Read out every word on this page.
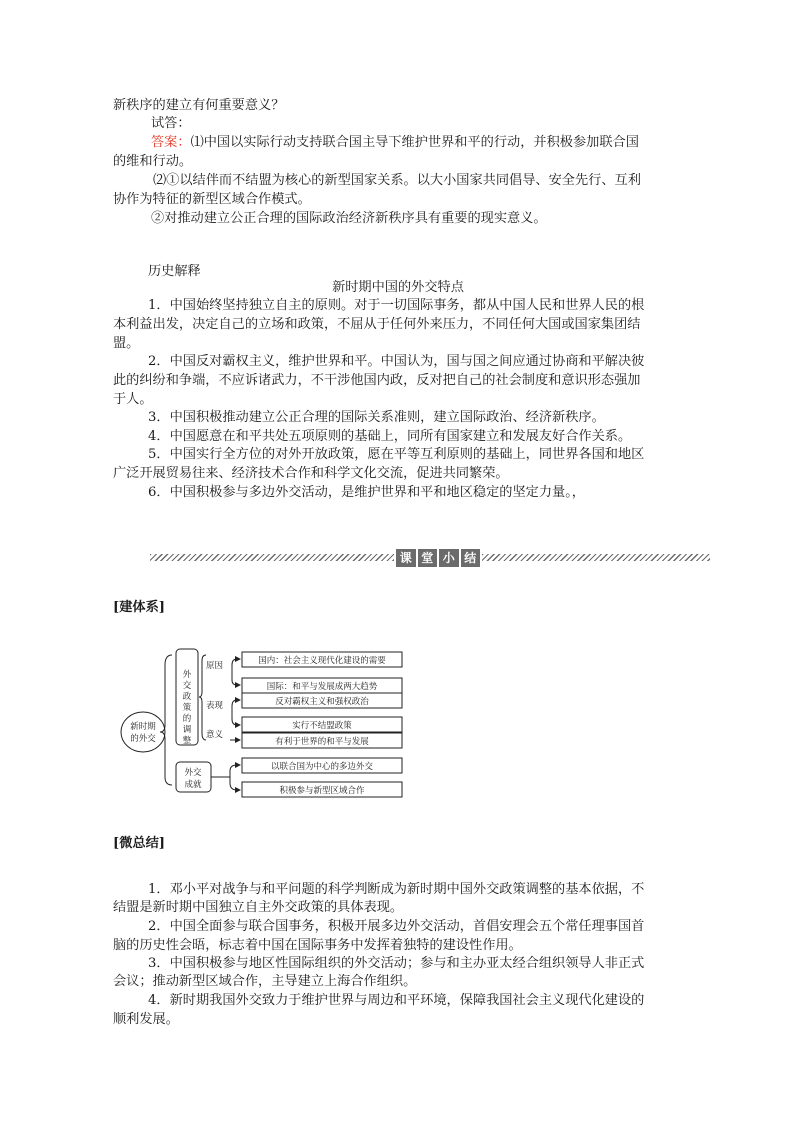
新秩序的建立有何重要意义？
试答：
答案：⑴中国以实际行动支持联合国主导下维护世界和平的行动，并积极参加联合国
的维和行动。
⑵①以结伴而不结盟为核心的新型国家关系。以大小国家共同倡导、安全先行、互利
协作为特征的新型区域合作模式。
②对推动建立公正合理的国际政治经济新秩序具有重要的现实意义。
历史解释
新时期中国的外交特点
1．中国始终坚持独立自主的原则。对于一切国际事务，都从中国人民和世界人民的根
本利益出发，决定自己的立场和政策，不屈从于任何外来压力，不同任何大国或国家集团结
盟。
2．中国反对霸权主义，维护世界和平。中国认为，国与国之间应通过协商和平解决彼
此的纠纷和争端，不应诉诸武力，不干涉他国内政，反对把自己的社会制度和意识形态强加
于人。
3．中国积极推动建立公正合理的国际关系准则，建立国际政治、经济新秩序。
4．中国愿意在和平共处五项原则的基础上，同所有国家建立和发展友好合作关系。
5．中国实行全方位的对外开放政策，愿在平等互利原则的基础上，同世界各国和地区
广泛开展贸易往来、经济技术合作和科学文化交流，促进共同繁荣。
6．中国积极参与多边外交活动，是维护世界和平和地区稳定的坚定力量。，
课 堂 小 结
[建体系]
新时期
的外交
外
交
政
策
的
调
整
外交
成就
原因
表现
意义
国内：社会主义现代化建设的需要
国际：和平与发展成两大趋势
反对霸权主义和强权政治
实行不结盟政策
有利于世界的和平与发展
以联合国为中心的多边外交
积极参与新型区域合作
[微总结]
1．邓小平对战争与和平问题的科学判断成为新时期中国外交政策调整的基本依据，不
结盟是新时期中国独立自主外交政策的具体表现。
2．中国全面参与联合国事务，积极开展多边外交活动，首倡安理会五个常任理事国首
脑的历史性会晤，标志着中国在国际事务中发挥着独特的建设性作用。
3．中国积极参与地区性国际组织的外交活动；参与和主办亚太经合组织领导人非正式
会议；推动新型区域合作，主导建立上海合作组织。
4．新时期我国外交致力于维护世界与周边和平环境，保障我国社会主义现代化建设的
顺利发展。
